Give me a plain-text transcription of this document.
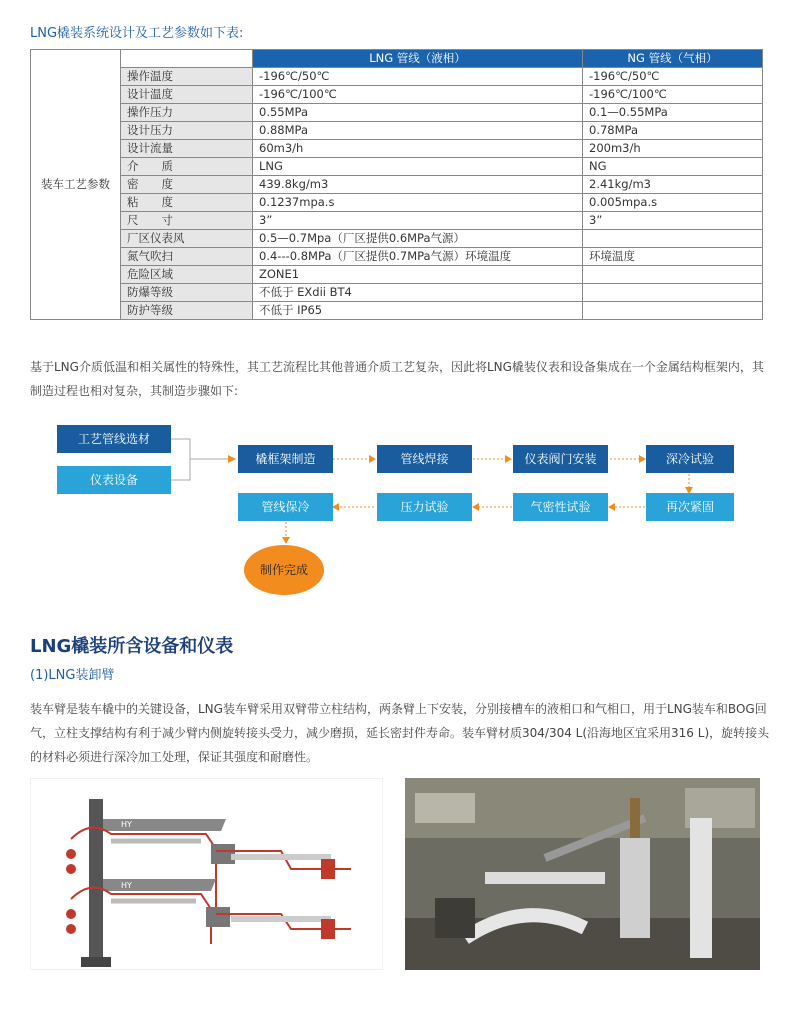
LNG橇装系统设计及工艺参数如下表:
装车工艺参数		LNG 管线（液相）	NG 管线（气相）
	操作温度	-196℃/50℃	-196℃/50℃
	设计温度	-196℃/100℃	-196℃/100℃
	操作压力	0.55MPa	0.1—0.55MPa
	设计压力	0.88MPa	0.78MPa
	设计流量	60m3/h	200m3/h
	介　　质	LNG	NG
	密　　度	439.8kg/m3	2.41kg/m3
	粘　　度	0.1237mpa.s	0.005mpa.s
	尺　　寸	3”	3”
	厂区仪表风	0.5—0.7Mpa（厂区提供0.6MPa气源）	
	氮气吹扫	0.4---0.8MPa（厂区提供0.7MPa气源）环境温度	环境温度
	危险区域	ZONE1	
	防爆等级	不低于 EXdii BT4	
	防护等级	不低于 IP65	
基于LNG介质低温和相关属性的特殊性，其工艺流程比其他普通介质工艺复杂，因此将LNG橇装仪表和设备集成在一个金属结构框架内，其制造过程也相对复杂，其制造步骤如下:
工艺管线选材
仪表设备
橇框架制造	管线焊接	仪表阀门安装	深冷试验
再次紧固
气密性试验
压力试验
管线保冷
制作完成
LNG橇装所含设备和仪表
(1)LNG装卸臂
装车臂是装车橇中的关键设备，LNG装车臂采用双臂带立柱结构，两条臂上下安装，分别接槽车的液相口和气相口，用于LNG装车和BOG回气，立柱支撑结构有利于减少臂内侧旋转接头受力，减少磨损，延长密封件寿命。装车臂材质304/304 L(沿海地区宜采用316 L)，旋转接头的材料必须进行深冷加工处理，保证其强度和耐磨性。
HY
HY
